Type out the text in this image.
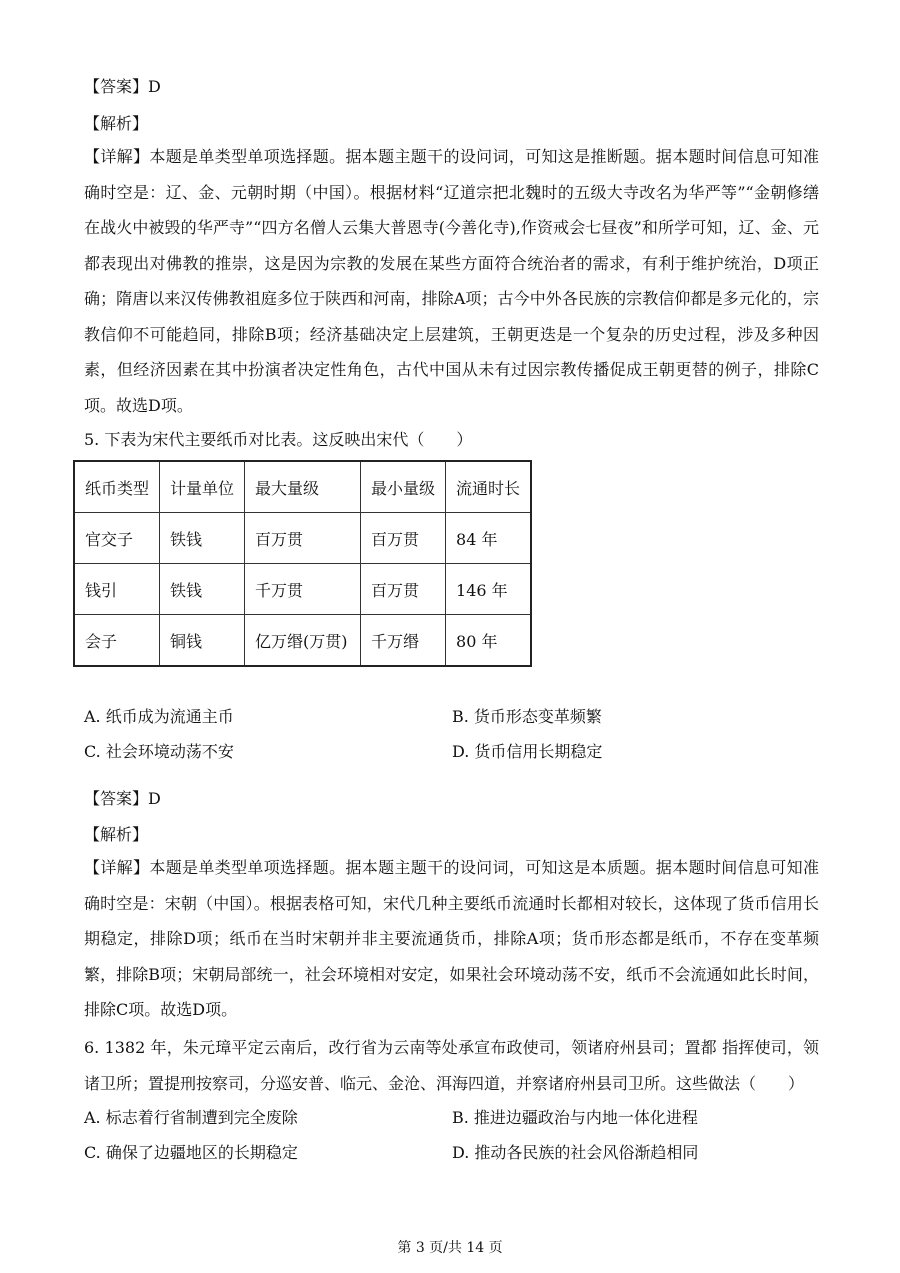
【答案】D
【解析】
【详解】本题是单类型单项选择题。据本题主题干的设问词，可知这是推断题。据本题时间信息可知准确时空是：辽、金、元朝时期（中国）。根据材料“辽道宗把北魏时的五级大寺改名为华严等”“金朝修缮在战火中被毁的华严寺”“四方名僧人云集大普恩寺(今善化寺),作资戒会七昼夜”和所学可知，辽、金、元都表现出对佛教的推崇，这是因为宗教的发展在某些方面符合统治者的需求，有利于维护统治，D项正确；隋唐以来汉传佛教祖庭多位于陕西和河南，排除A项；古今中外各民族的宗教信仰都是多元化的，宗教信仰不可能趋同，排除B项；经济基础决定上层建筑，王朝更迭是一个复杂的历史过程，涉及多种因素，但经济因素在其中扮演者决定性角色，古代中国从未有过因宗教传播促成王朝更替的例子，排除C项。故选D项。
5. 下表为宋代主要纸币对比表。这反映出宋代（　　）
纸币类型	计量单位	最大量级	最小量级	流通时长
官交子	铁钱	百万贯	百万贯	84 年
钱引	铁钱	千万贯	百万贯	146 年
会子	铜钱	亿万缗(万贯)	千万缗	80 年
A. 纸币成为流通主币	B. 货币形态变革频繁
C. 社会环境动荡不安	D. 货币信用长期稳定
【答案】D
【解析】
【详解】本题是单类型单项选择题。据本题主题干的设问词，可知这是本质题。据本题时间信息可知准确时空是：宋朝（中国）。根据表格可知，宋代几种主要纸币流通时长都相对较长，这体现了货币信用长期稳定，排除D项；纸币在当时宋朝并非主要流通货币，排除A项；货币形态都是纸币，不存在变革频繁，排除B项；宋朝局部统一，社会环境相对安定，如果社会环境动荡不安，纸币不会流通如此长时间，排除C项。故选D项。
6. 1382 年，朱元璋平定云南后，改行省为云南等处承宣布政使司，领诸府州县司；置都 指挥使司，领诸卫所；置提刑按察司，分巡安普、临元、金沧、洱海四道，并察诸府州县司卫所。这些做法（　　）
A. 标志着行省制遭到完全废除	B. 推进边疆政治与内地一体化进程
C. 确保了边疆地区的长期稳定	D. 推动各民族的社会风俗渐趋相同
第 3 页/共 14 页
